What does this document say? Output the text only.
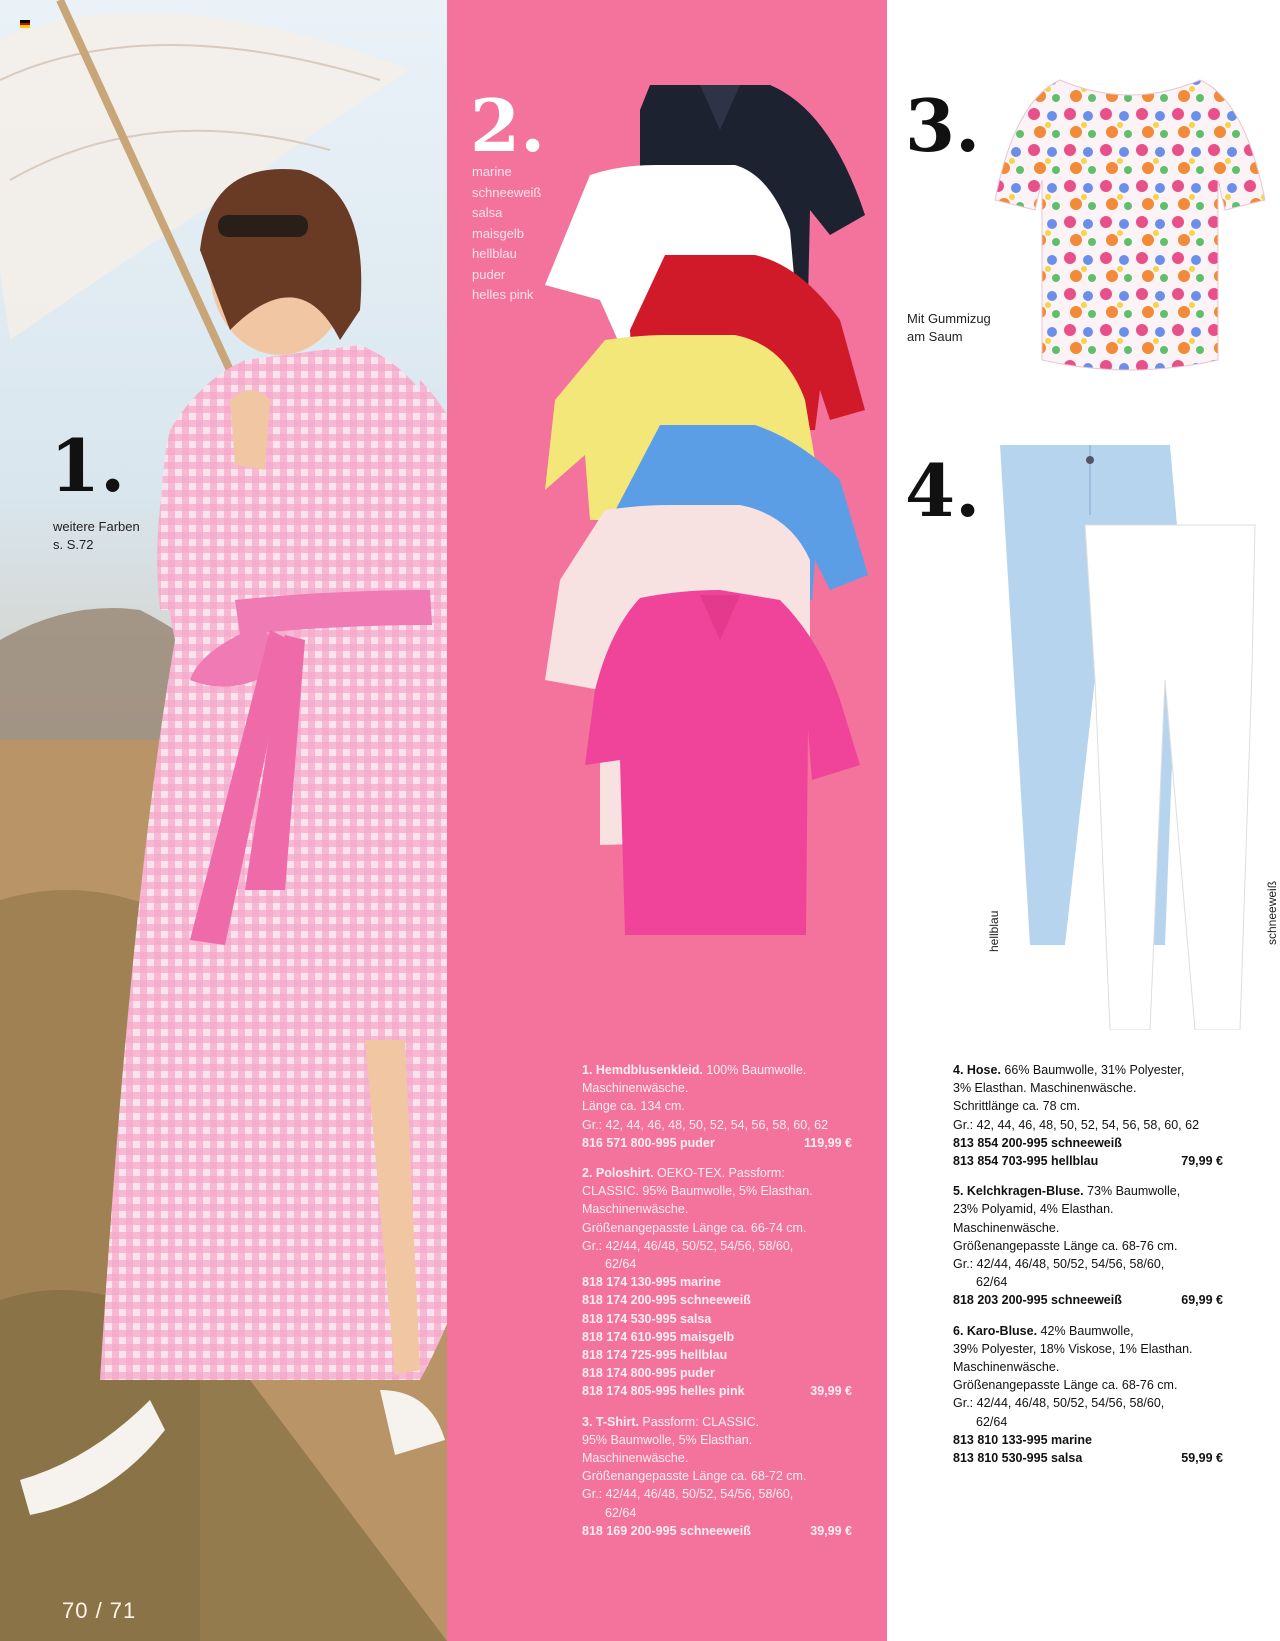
1.
weitere Farben
s. S.72
70 / 71
2.
marine
schneeweiß
salsa
maisgelb
hellblau
puder
helles pink
1. Hemdblusenkleid. 100% Baumwolle.
Maschinenwäsche.
Länge ca. 134 cm.
Gr.: 42, 44, 46, 48, 50, 52, 54, 56, 58, 60, 62
816 571 800-995 puder	119,99 €
2. Poloshirt. OEKO-TEX. Passform:
CLASSIC. 95% Baumwolle, 5% Elasthan.
Maschinenwäsche.
Größenangepasste Länge ca. 66-74 cm.
Gr.: 42/44, 46/48, 50/52, 54/56, 58/60,
62/64
818 174 130-995 marine
818 174 200-995 schneeweiß
818 174 530-995 salsa
818 174 610-995 maisgelb
818 174 725-995 hellblau
818 174 800-995 puder
818 174 805-995 helles pink	39,99 €
3. T-Shirt. Passform: CLASSIC.
95% Baumwolle, 5% Elasthan.
Maschinenwäsche.
Größenangepasste Länge ca. 68-72 cm.
Gr.: 42/44, 46/48, 50/52, 54/56, 58/60,
62/64
818 169 200-995 schneeweiß	39,99 €
3.
Mit Gummizug
am Saum
4.
hellblau	schneeweiß
4. Hose. 66% Baumwolle, 31% Polyester,
3% Elasthan. Maschinenwäsche.
Schrittlänge ca. 78 cm.
Gr.: 42, 44, 46, 48, 50, 52, 54, 56, 58, 60, 62
813 854 200-995 schneeweiß
813 854 703-995 hellblau	79,99 €
5. Kelchkragen-Bluse. 73% Baumwolle,
23% Polyamid, 4% Elasthan.
Maschinenwäsche.
Größenangepasste Länge ca. 68-76 cm.
Gr.: 42/44, 46/48, 50/52, 54/56, 58/60,
62/64
818 203 200-995 schneeweiß	69,99 €
6. Karo-Bluse. 42% Baumwolle,
39% Polyester, 18% Viskose, 1% Elasthan.
Maschinenwäsche.
Größenangepasste Länge ca. 68-76 cm.
Gr.: 42/44, 46/48, 50/52, 54/56, 58/60,
62/64
813 810 133-995 marine
813 810 530-995 salsa	59,99 €
